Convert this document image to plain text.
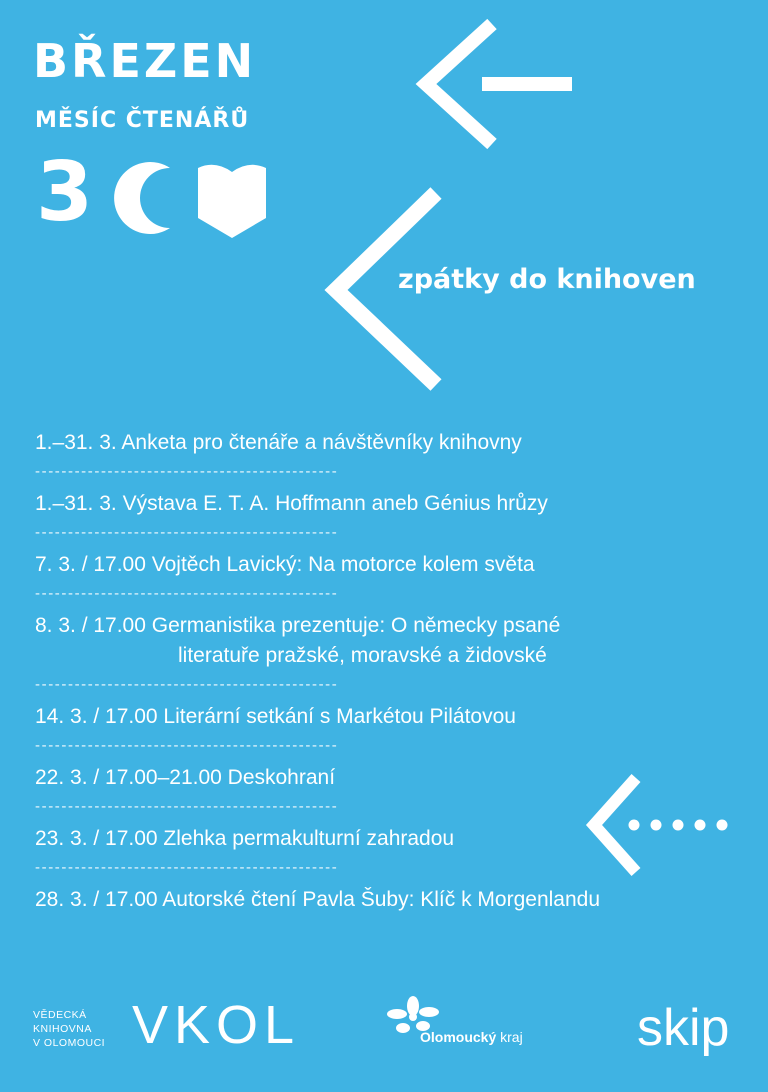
BŘEZEN
MĚSÍC ČTENÁŘŮ
3
zpátky do knihoven
1.–31. 3. Anketa pro čtenáře a návštěvníky knihovny
----------------------------------------------
1.–31. 3. Výstava E. T. A. Hoffmann aneb Génius hrůzy
----------------------------------------------
7. 3. / 17.00 Vojtěch Lavický: Na motorce kolem světa
----------------------------------------------
8. 3. / 17.00 Germanistika prezentuje: O německy psané
literatuře pražské, moravské a židovské
----------------------------------------------
14. 3. / 17.00 Literární setkání s Markétou Pilátovou
----------------------------------------------
22. 3. / 17.00–21.00 Deskohraní
----------------------------------------------
23. 3. / 17.00 Zlehka permakulturní zahradou
----------------------------------------------
28. 3. / 17.00 Autorské čtení Pavla Šuby: Klíč k Morgenlandu
VĚDECKÁ
KNIHOVNA
V OLOMOUCI VKOL	Olomoucký kraj skip
